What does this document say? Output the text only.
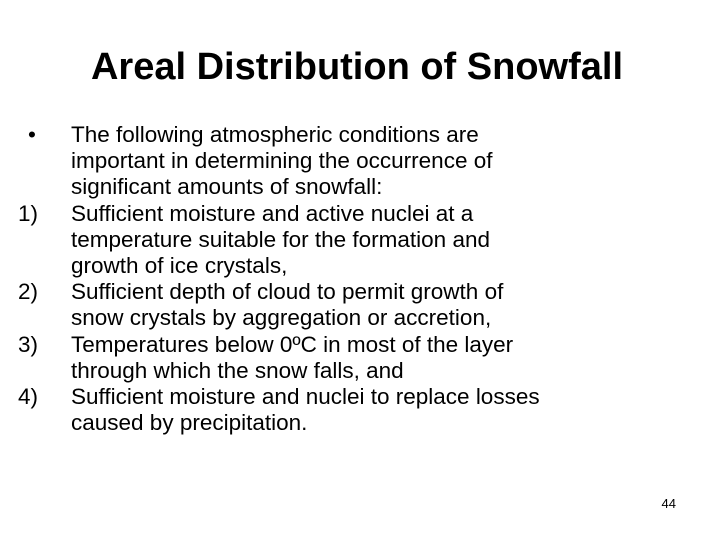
Areal Distribution of Snowfall
• The following atmospheric conditions are
important in determining the occurrence of
significant amounts of snowfall:
1) Sufficient moisture and active nuclei at a
temperature suitable for the formation and
growth of ice crystals,
2) Sufficient depth of cloud to permit growth of
snow crystals by aggregation or accretion,
3) Temperatures below 0ºC in most of the layer
through which the snow falls, and
4) Sufficient moisture and nuclei to replace losses
caused by precipitation.
44
